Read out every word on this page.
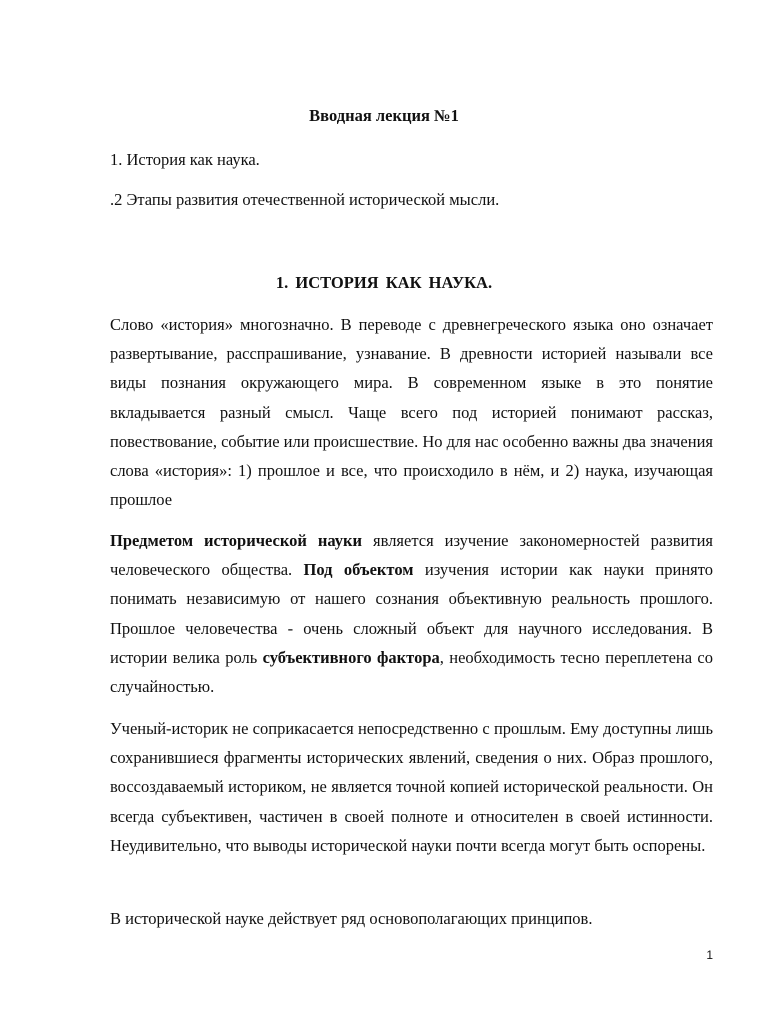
Вводная лекция №1

1. История как наука.

.2 Этапы развития отечественной исторической мысли.

1. ИСТОРИЯ КАК НАУКА.

Слово «история» многозначно. В переводе с древнегреческого языка оно означает развертывание, расспрашивание, узнавание. В древности историей называли все виды познания окружающего мира. В современном языке в это понятие вкладывается разный смысл. Чаще всего под историей понимают рассказ, повествование, событие или происшествие. Но для нас особенно важны два значения слова «история»: 1) прошлое и все, что происходило в нём, и 2) наука, изучающая прошлое

Предметом исторической науки является изучение закономерностей развития человеческого общества. Под объектом изучения истории как науки принято понимать независимую от нашего сознания объективную реальность прошлого. Прошлое человечества - очень сложный объект для научного исследования. В истории велика роль субъективного фактора, необходимость тесно переплетена со случайностью.

Ученый-историк не соприкасается непосредственно с прошлым. Ему доступны лишь сохранившиеся фрагменты исторических явлений, сведения о них. Образ прошлого, воссоздаваемый историком, не является точной копией исторической реальности. Он всегда субъективен, частичен в своей полноте и относителен в своей истинности. Неудивительно, что выводы исторической науки почти всегда могут быть оспорены.

В исторической науке действует ряд основополагающих принципов.

1
